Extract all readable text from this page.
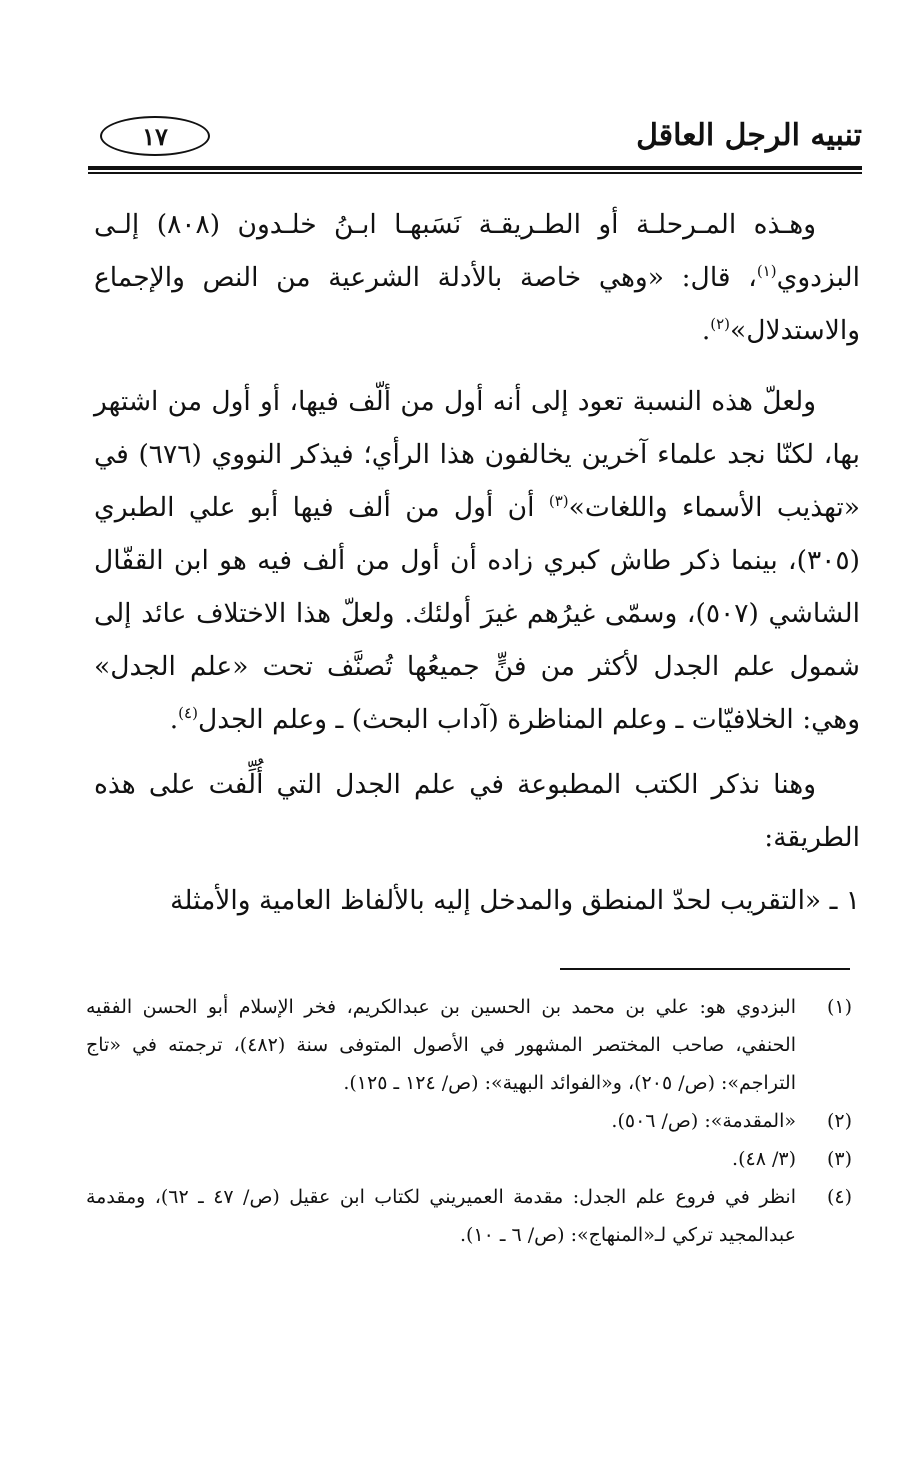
تنبيه الرجل العاقل
١٧

وهـذه المـرحلـة أو الطـريقـة نَسَبهـا ابـنُ خلـدون (٨٠٨) إلـى البزدوي$^{(١)}$، قال: «وهي خاصة بالأدلة الشرعية من النص والإجماع والاستدلال»$^{(٢)}$.

ولعلّ هذه النسبة تعود إلى أنه أول من ألّف فيها، أو أول من اشتهر بها، لكنّا نجد علماء آخرين يخالفون هذا الرأي؛ فيذكر النووي (٦٧٦) في «تهذيب الأسماء واللغات»$^{(٣)}$ أن أول من ألف فيها أبو علي الطبري (٣٠٥)، بينما ذكر طاش كبري زاده أن أول من ألف فيه هو ابن القفّال الشاشي (٥٠٧)، وسمّى غيرُهم غيرَ أولئك. ولعلّ هذا الاختلاف عائد إلى شمول علم الجدل لأكثر من فنٍّ جميعُها تُصنَّف تحت «علم الجدل» وهي: الخلافيّات ـ وعلم المناظرة (آداب البحث) ـ وعلم الجدل$^{(٤)}$.

وهنا نذكر الكتب المطبوعة في علم الجدل التي أُلِّفت على هذه الطريقة:

١ ـ «التقريب لحدّ المنطق والمدخل إليه بالألفاظ العامية والأمثلة

(١)
البزدوي هو: علي بن محمد بن الحسين بن عبدالكريم، فخر الإسلام أبو الحسن الفقيه الحنفي، صاحب المختصر المشهور في الأصول المتوفى سنة (٤٨٢)، ترجمته في «تاج التراجم»: (ص/ ٢٠٥)، و«الفوائد البهية»: (ص/ ١٢٤ ـ ١٢٥).
(٢)
«المقدمة»: (ص/ ٥٠٦).
(٣)
(٣/ ٤٨).
(٤)
انظر في فروع علم الجدل: مقدمة العميريني لكتاب ابن عقيل (ص/ ٤٧ ـ ٦٢)، ومقدمة عبدالمجيد تركي لـ«المنهاج»: (ص/ ٦ ـ ١٠).
